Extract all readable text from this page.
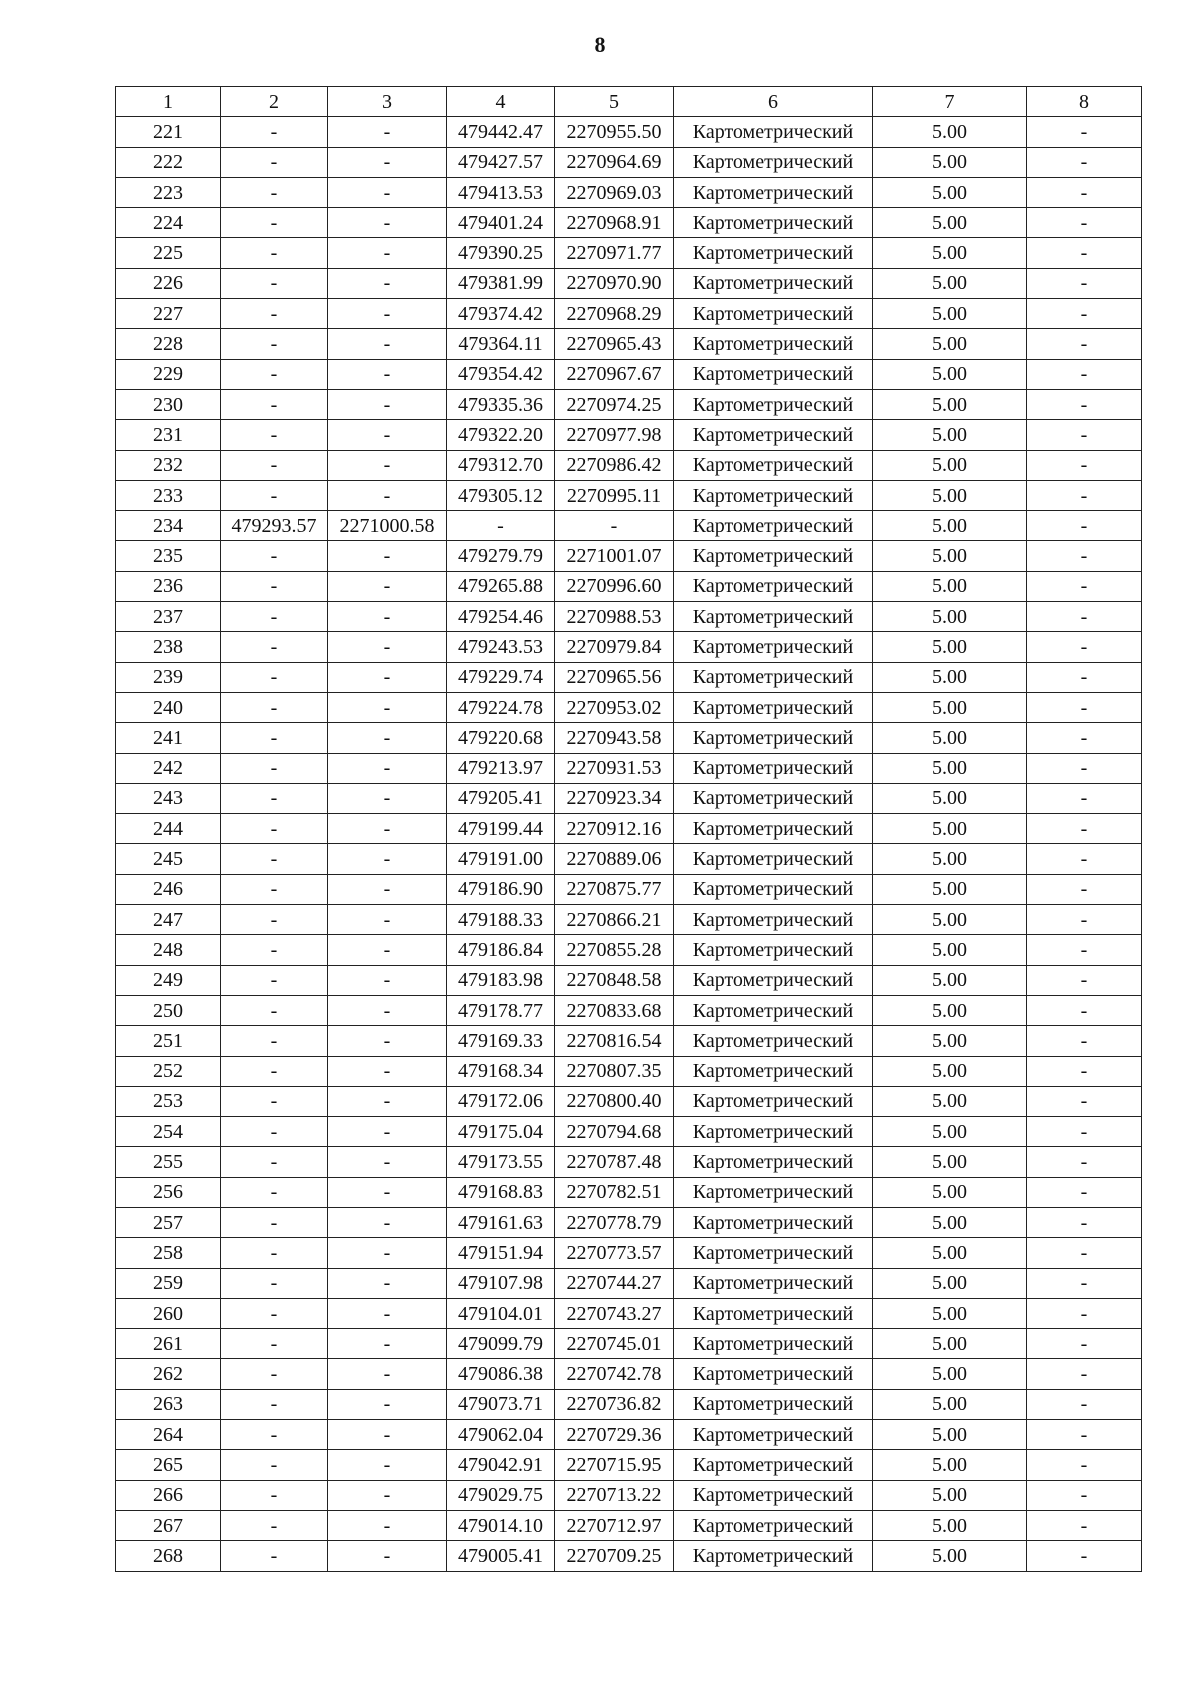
8
1	2	3	4	5	6	7	8
221	-	-	479442.47	2270955.50	Картометрический	5.00	-
222	-	-	479427.57	2270964.69	Картометрический	5.00	-
223	-	-	479413.53	2270969.03	Картометрический	5.00	-
224	-	-	479401.24	2270968.91	Картометрический	5.00	-
225	-	-	479390.25	2270971.77	Картометрический	5.00	-
226	-	-	479381.99	2270970.90	Картометрический	5.00	-
227	-	-	479374.42	2270968.29	Картометрический	5.00	-
228	-	-	479364.11	2270965.43	Картометрический	5.00	-
229	-	-	479354.42	2270967.67	Картометрический	5.00	-
230	-	-	479335.36	2270974.25	Картометрический	5.00	-
231	-	-	479322.20	2270977.98	Картометрический	5.00	-
232	-	-	479312.70	2270986.42	Картометрический	5.00	-
233	-	-	479305.12	2270995.11	Картометрический	5.00	-
234	479293.57	2271000.58	-	-	Картометрический	5.00	-
235	-	-	479279.79	2271001.07	Картометрический	5.00	-
236	-	-	479265.88	2270996.60	Картометрический	5.00	-
237	-	-	479254.46	2270988.53	Картометрический	5.00	-
238	-	-	479243.53	2270979.84	Картометрический	5.00	-
239	-	-	479229.74	2270965.56	Картометрический	5.00	-
240	-	-	479224.78	2270953.02	Картометрический	5.00	-
241	-	-	479220.68	2270943.58	Картометрический	5.00	-
242	-	-	479213.97	2270931.53	Картометрический	5.00	-
243	-	-	479205.41	2270923.34	Картометрический	5.00	-
244	-	-	479199.44	2270912.16	Картометрический	5.00	-
245	-	-	479191.00	2270889.06	Картометрический	5.00	-
246	-	-	479186.90	2270875.77	Картометрический	5.00	-
247	-	-	479188.33	2270866.21	Картометрический	5.00	-
248	-	-	479186.84	2270855.28	Картометрический	5.00	-
249	-	-	479183.98	2270848.58	Картометрический	5.00	-
250	-	-	479178.77	2270833.68	Картометрический	5.00	-
251	-	-	479169.33	2270816.54	Картометрический	5.00	-
252	-	-	479168.34	2270807.35	Картометрический	5.00	-
253	-	-	479172.06	2270800.40	Картометрический	5.00	-
254	-	-	479175.04	2270794.68	Картометрический	5.00	-
255	-	-	479173.55	2270787.48	Картометрический	5.00	-
256	-	-	479168.83	2270782.51	Картометрический	5.00	-
257	-	-	479161.63	2270778.79	Картометрический	5.00	-
258	-	-	479151.94	2270773.57	Картометрический	5.00	-
259	-	-	479107.98	2270744.27	Картометрический	5.00	-
260	-	-	479104.01	2270743.27	Картометрический	5.00	-
261	-	-	479099.79	2270745.01	Картометрический	5.00	-
262	-	-	479086.38	2270742.78	Картометрический	5.00	-
263	-	-	479073.71	2270736.82	Картометрический	5.00	-
264	-	-	479062.04	2270729.36	Картометрический	5.00	-
265	-	-	479042.91	2270715.95	Картометрический	5.00	-
266	-	-	479029.75	2270713.22	Картометрический	5.00	-
267	-	-	479014.10	2270712.97	Картометрический	5.00	-
268	-	-	479005.41	2270709.25	Картометрический	5.00	-
